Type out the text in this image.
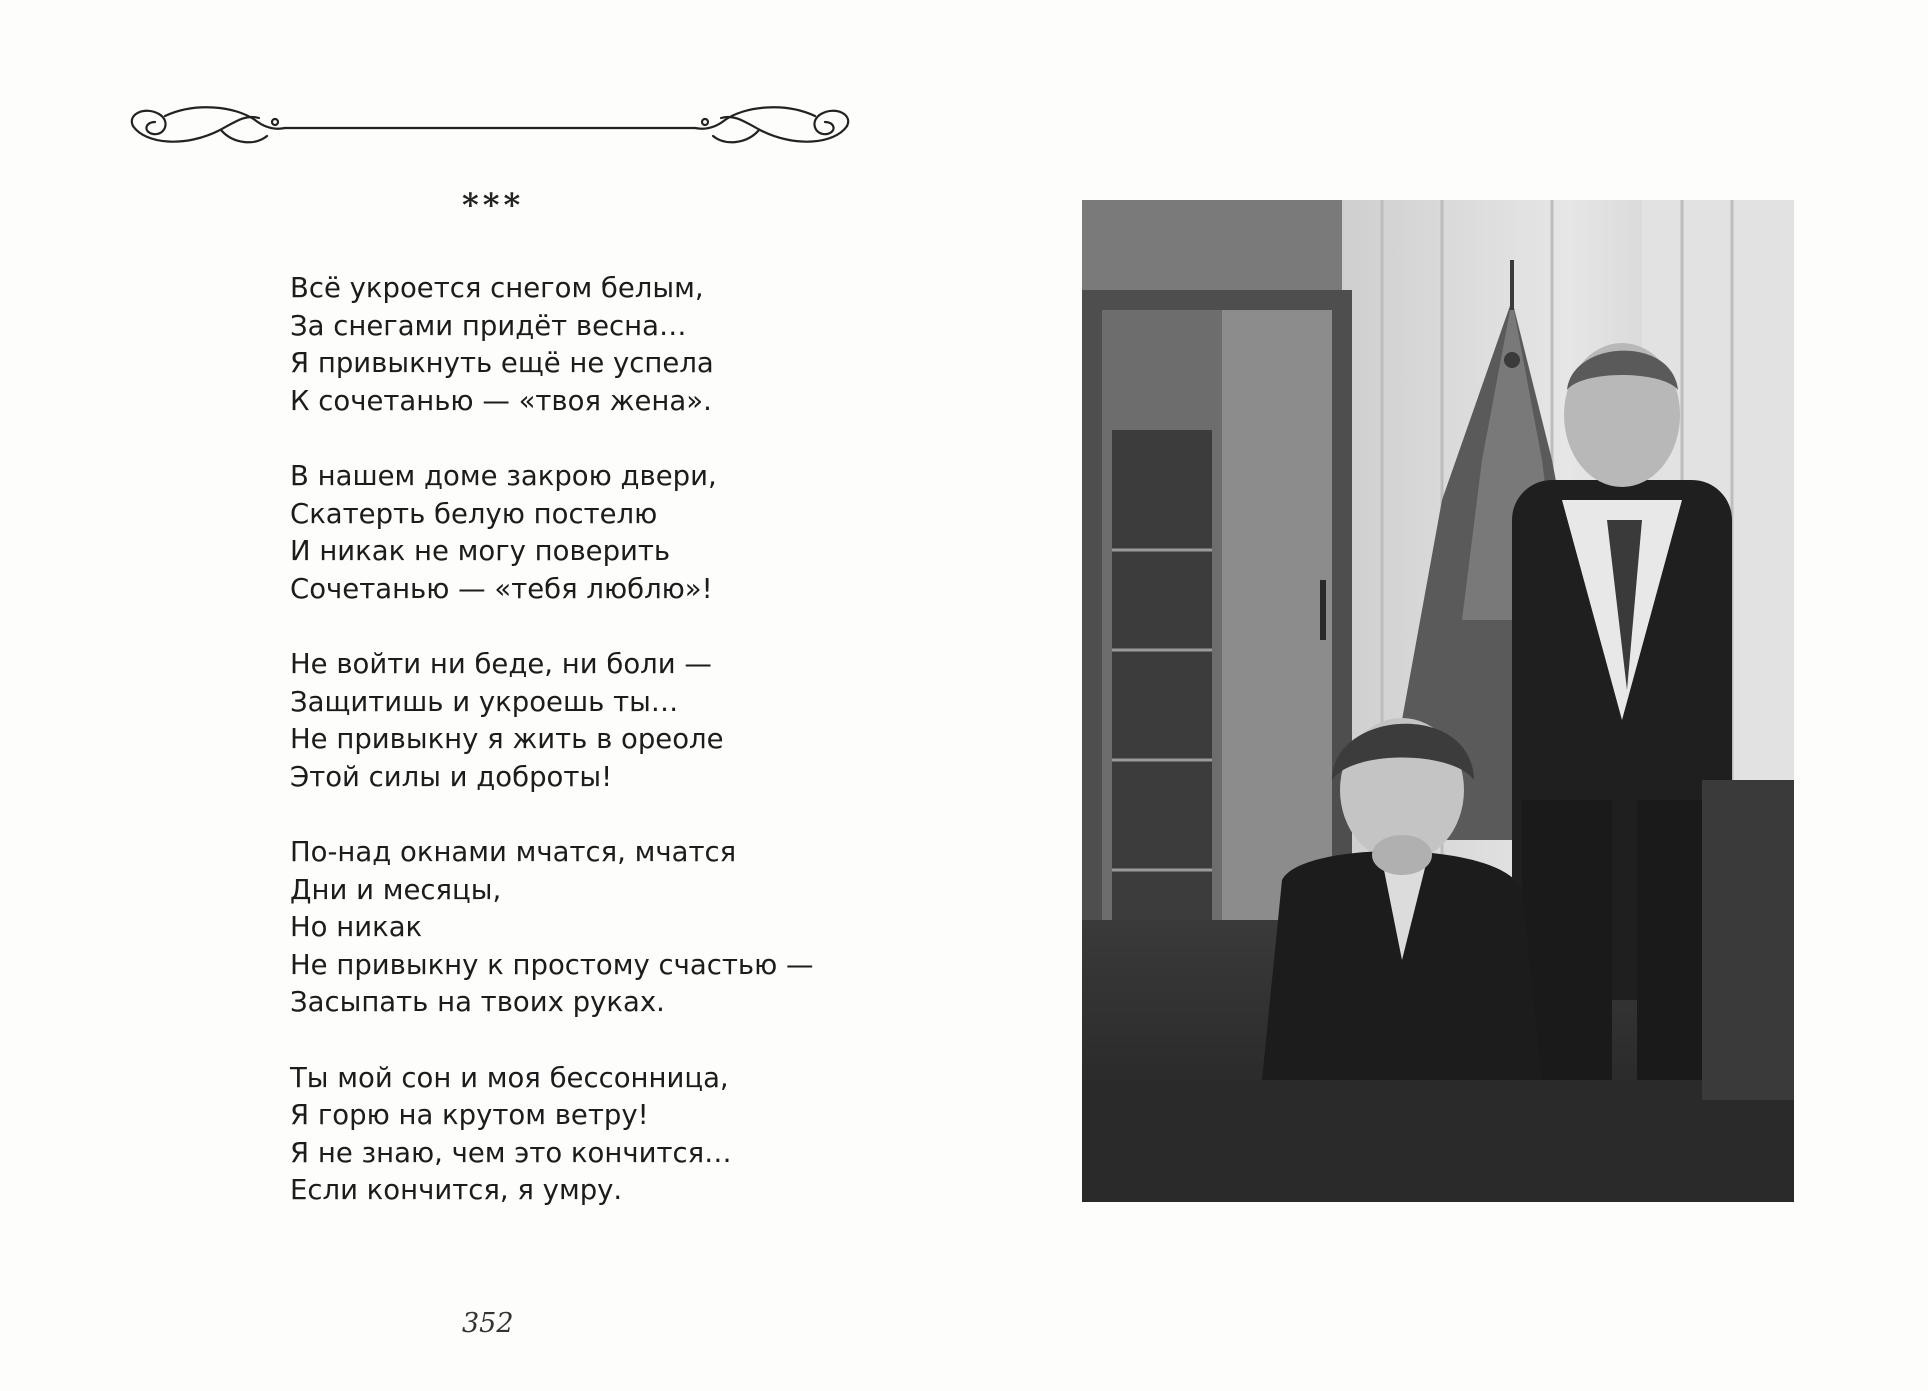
***
Всё укроется снегом белым,
За снегами придёт весна…
Я привыкнуть ещё не успела
К сочетанью — «твоя жена».
В нашем доме закрою двери,
Скатерть белую постелю
И никак не могу поверить
Сочетанью — «тебя люблю»!
Не войти ни беде, ни боли —
Защитишь и укроешь ты…
Не привыкну я жить в ореоле
Этой силы и доброты!
По-над окнами мчатся, мчатся
Дни и месяцы,
Но никак
Не привыкну к простому счастью —
Засыпать на твоих руках.
Ты мой сон и моя бессонница,
Я горю на крутом ветру!
Я не знаю, чем это кончится…
Если кончится, я умру.
352
